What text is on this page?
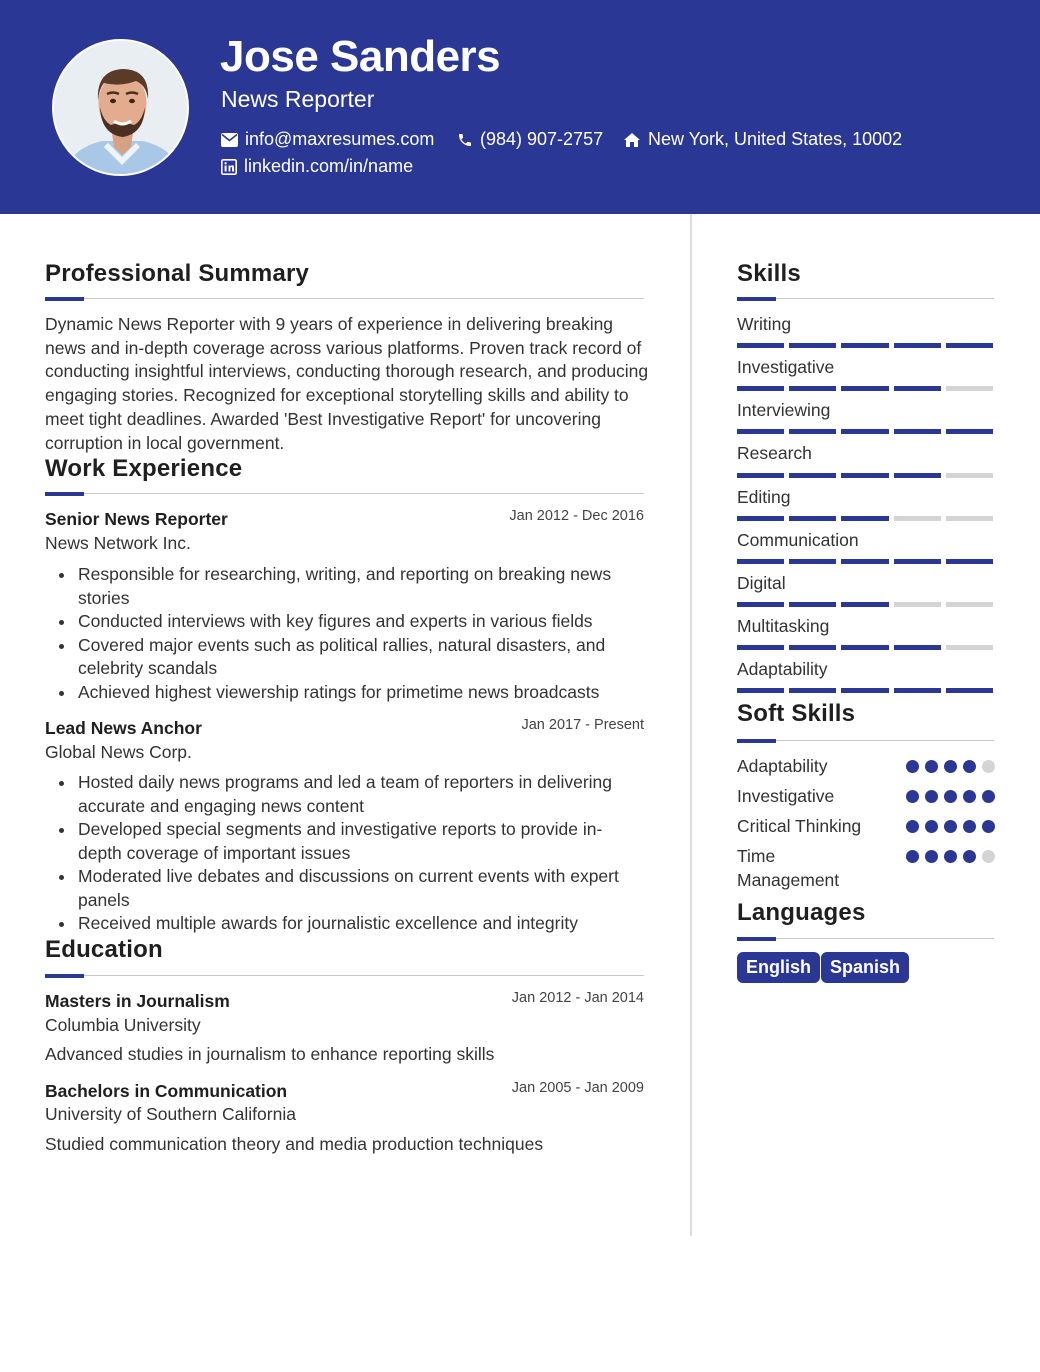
Jose Sanders
News Reporter
info@maxresumes.com	(984) 907-2757 New York, United States, 10002
linkedin.com/in/name
Professional Summary
Dynamic News Reporter with 9 years of experience in delivering breaking news and in-depth coverage across various platforms. Proven track record of conducting insightful interviews, conducting thorough research, and producing engaging stories. Recognized for exceptional storytelling skills and ability to meet tight deadlines. Awarded 'Best Investigative Report' for uncovering corruption in local government.
Work Experience
Senior News Reporter	Jan 2012 - Dec 2016
News Network Inc.
Responsible for researching, writing, and reporting on breaking news stories
Conducted interviews with key figures and experts in various fields
Covered major events such as political rallies, natural disasters, and celebrity scandals
Achieved highest viewership ratings for primetime news broadcasts
Lead News Anchor	Jan 2017 - Present
Global News Corp.
Hosted daily news programs and led a team of reporters in delivering accurate and engaging news content
Developed special segments and investigative reports to provide in-depth coverage of important issues
Moderated live debates and discussions on current events with expert panels
Received multiple awards for journalistic excellence and integrity
Education
Masters in Journalism	Jan 2012 - Jan 2014
Columbia University
Advanced studies in journalism to enhance reporting skills
Bachelors in Communication	Jan 2005 - Jan 2009
University of Southern California
Studied communication theory and media production techniques
Skills
Writing
Investigative
Interviewing
Research
Editing
Communication
Digital
Multitasking
Adaptability
Soft Skills
Adaptability
Investigative
Critical Thinking
Time Management
Languages
English	Spanish
